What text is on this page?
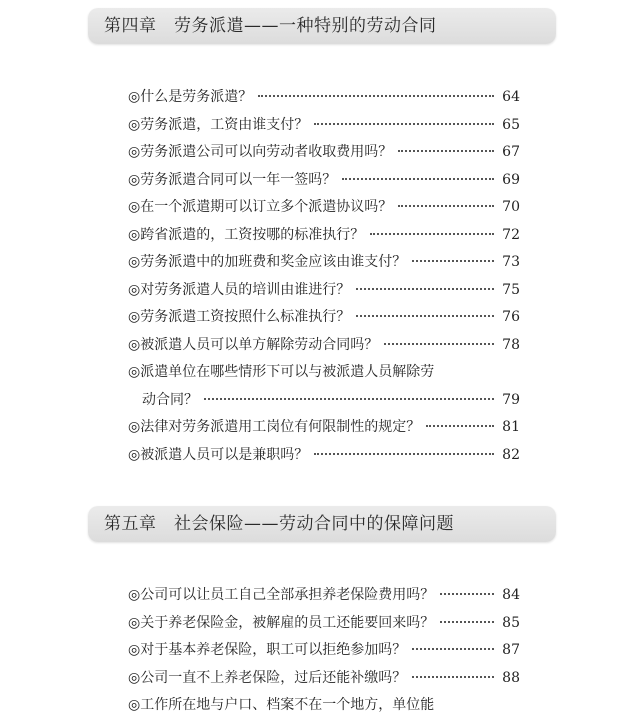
第四章　劳务派遣——一种特别的劳动合同
◎什么是劳务派遣？	64
◎劳务派遣，工资由谁支付？	65
◎劳务派遣公司可以向劳动者收取费用吗？	67
◎劳务派遣合同可以一年一签吗？	69
◎在一个派遣期可以订立多个派遣协议吗？	70
◎跨省派遣的，工资按哪的标准执行？	72
◎劳务派遣中的加班费和奖金应该由谁支付？	73
◎对劳务派遣人员的培训由谁进行？	75
◎劳务派遣工资按照什么标准执行？	76
◎被派遣人员可以单方解除劳动合同吗？	78
◎派遣单位在哪些情形下可以与被派遣人员解除劳
动合同？	79
◎法律对劳务派遣用工岗位有何限制性的规定？	81
◎被派遣人员可以是兼职吗？	82
第五章　社会保险——劳动合同中的保障问题
◎公司可以让员工自己全部承担养老保险费用吗？	84
◎关于养老保险金，被解雇的员工还能要回来吗？	85
◎对于基本养老保险，职工可以拒绝参加吗？	87
◎公司一直不上养老保险，过后还能补缴吗？	88
◎工作所在地与户口、档案不在一个地方，单位能
